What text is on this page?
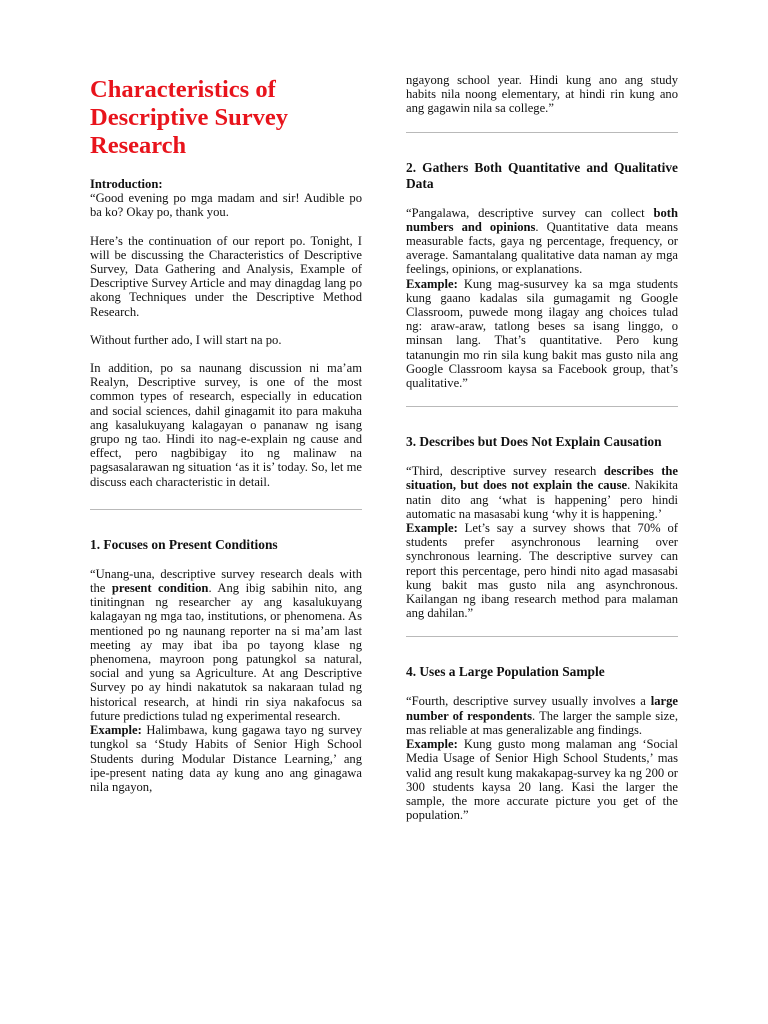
Characteristics of
Descriptive Survey
Research

Introduction:

“Good evening po mga madam and sir! Audible po ba ko? Okay po, thank you.

Here’s the continuation of our report po. Tonight, I will be discussing the Characteristics of Descriptive Survey, Data Gathering and Analysis, Example of Descriptive Survey Article and may dinagdag lang po akong Techniques under the Descriptive Method Research.

Without further ado, I will start na po.

In addition, po sa naunang discussion ni ma’am Realyn, Descriptive survey, is one of the most common types of research, especially in education and social sciences, dahil ginagamit ito para makuha ang kasalukuyang kalagayan o pananaw ng isang grupo ng tao. Hindi ito nag-e-explain ng cause and effect, pero nagbibigay ito ng malinaw na pagsasalarawan ng situation ‘as it is’ today. So, let me discuss each characteristic in detail.

1. Focuses on Present Conditions

“Unang-una, descriptive survey research deals with the present condition. Ang ibig sabihin nito, ang tinitingnan ng researcher ay ang kasalukuyang kalagayan ng mga tao, institutions, or phenomena. As mentioned po ng naunang reporter na si ma’am last meeting ay may ibat iba po tayong klase ng phenomena, mayroon pong patungkol sa natural, social and yung sa Agriculture. At ang Descriptive Survey po ay hindi nakatutok sa nakaraan tulad ng historical research, at hindi rin siya nakafocus sa future predictions tulad ng experimental research.
Example: Halimbawa, kung gagawa tayo ng survey tungkol sa ‘Study Habits of Senior High School Students during Modular Distance Learning,’ ang ipe-present nating data ay kung ano ang ginagawa nila ngayon,

ngayong school year. Hindi kung ano ang study habits nila noong elementary, at hindi rin kung ano ang gagawin nila sa college.”

2. Gathers Both Quantitative and Qualitative Data

“Pangalawa, descriptive survey can collect both numbers and opinions. Quantitative data means measurable facts, gaya ng percentage, frequency, or average. Samantalang qualitative data naman ay mga feelings, opinions, or explanations.
Example: Kung mag-susurvey ka sa mga students kung gaano kadalas sila gumagamit ng Google Classroom, puwede mong ilagay ang choices tulad ng: araw-araw, tatlong beses sa isang linggo, o minsan lang. That’s quantitative. Pero kung tatanungin mo rin sila kung bakit mas gusto nila ang Google Classroom kaysa sa Facebook group, that’s qualitative.”

3. Describes but Does Not Explain Causation

“Third, descriptive survey research describes the situation, but does not explain the cause. Nakikita natin dito ang ‘what is happening’ pero hindi automatic na masasabi kung ‘why it is happening.’
Example: Let’s say a survey shows that 70% of students prefer asynchronous learning over synchronous learning. The descriptive survey can report this percentage, pero hindi nito agad masasabi kung bakit mas gusto nila ang asynchronous. Kailangan ng ibang research method para malaman ang dahilan.”

4. Uses a Large Population Sample

“Fourth, descriptive survey usually involves a large number of respondents. The larger the sample size, mas reliable at mas generalizable ang findings.
Example: Kung gusto mong malaman ang ‘Social Media Usage of Senior High School Students,’ mas valid ang result kung makakapag-survey ka ng 200 or 300 students kaysa 20 lang. Kasi the larger the sample, the more accurate picture you get of the population.”
